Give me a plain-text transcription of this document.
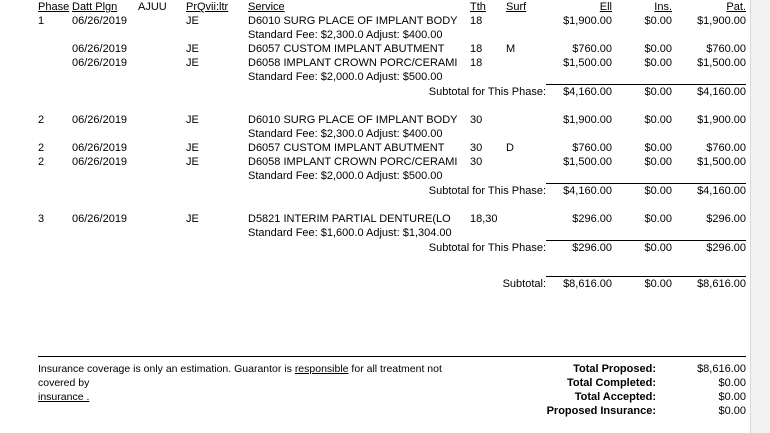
Phase	Datt Plgn	AJUU	PrQvii:ltr	Service	Tth	Surf	Ell	Ins.	Pat.
1	06/26/2019		JE	D6010 SURG PLACE OF IMPLANT BODY	18		$1,900.00	$0.00	$1,900.00
				Standard Fee: $2,300.0 Adjust: $400.00					
	06/26/2019		JE	D6057 CUSTOM IMPLANT ABUTMENT	18	M	$760.00	$0.00	$760.00
	06/26/2019		JE	D6058 IMPLANT CROWN PORC/CERAMI	18		$1,500.00	$0.00	$1,500.00
				Standard Fee: $2,000.0 Adjust: $500.00					

Subtotal for This Phase:							$4,160.00	$0.00	$4,160.00

2	06/26/2019		JE	D6010 SURG PLACE OF IMPLANT BODY	30		$1,900.00	$0.00	$1,900.00
				Standard Fee: $2,300.0 Adjust: $400.00					
2	06/26/2019		JE	D6057 CUSTOM IMPLANT ABUTMENT	30	D	$760.00	$0.00	$760.00
2	06/26/2019		JE	D6058 IMPLANT CROWN PORC/CERAMI	30		$1,500.00	$0.00	$1,500.00
				Standard Fee: $2,000.0 Adjust: $500.00					

Subtotal for This Phase:							$4,160.00	$0.00	$4,160.00

3	06/26/2019		JE	D5821 INTERIM PARTIAL DENTURE(LO	18,30		$296.00	$0.00	$296.00
				Standard Fee: $1,600.0 Adjust: $1,304.00					

Subtotal for This Phase:							$296.00	$0.00	$296.00

Subtotal:							$8,616.00	$0.00	$8,616.00
Insurance coverage is only an estimation. Guarantor is responsible for all treatment not covered by
insurance .
Total Proposed:	$8,616.00
Total Completed:	$0.00
Total Accepted:	$0.00
Proposed Insurance:	$0.00
